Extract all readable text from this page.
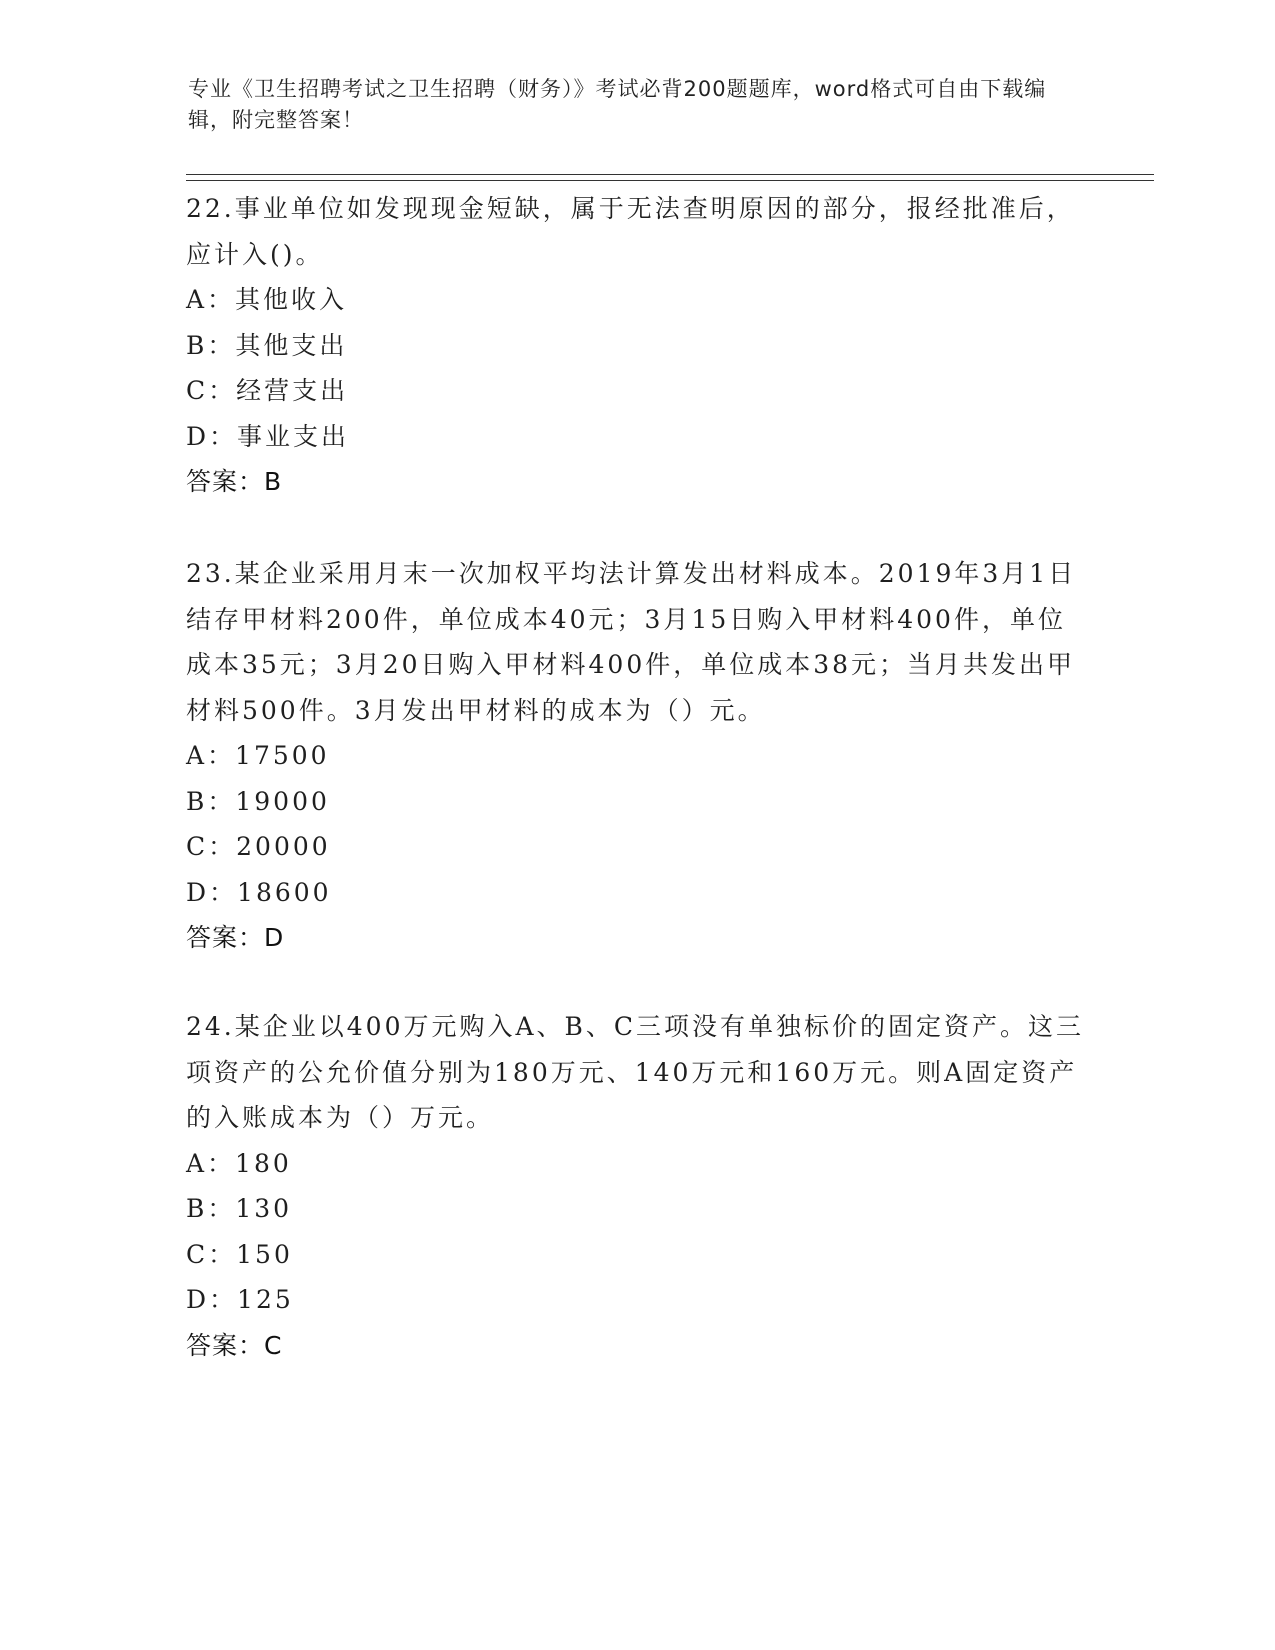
专业《卫生招聘考试之卫生招聘（财务）》考试必背200题题库，word格式可自由下载编辑，附完整答案！

22.事业单位如发现现金短缺，属于无法查明原因的部分，报经批准后，应计入()。

A：其他收入

B：其他支出

C：经营支出

D：事业支出

答案：B

23.某企业采用月末一次加权平均法计算发出材料成本。2019年3月1日结存甲材料200件，单位成本40元；3月15日购入甲材料400件，单位成本35元；3月20日购入甲材料400件，单位成本38元；当月共发出甲材料500件。3月发出甲材料的成本为（）元。

A：17500

B：19000

C：20000

D：18600

答案：D

24.某企业以400万元购入A、B、C三项没有单独标价的固定资产。这三项资产的公允价值分别为180万元、140万元和160万元。则A固定资产的入账成本为（）万元。

A：180

B：130

C：150

D：125

答案：C
